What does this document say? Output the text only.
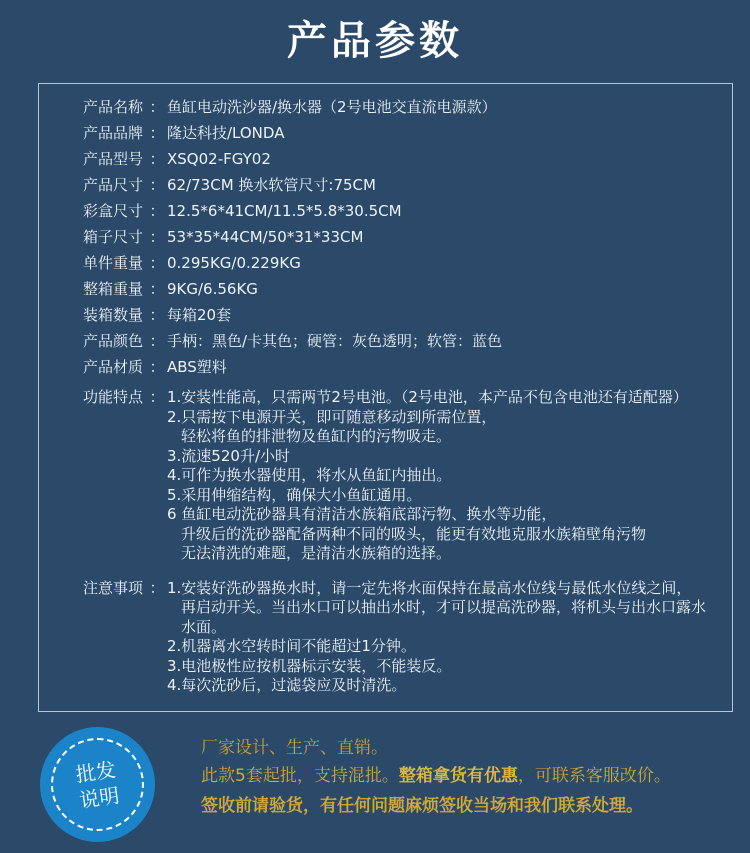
产品参数
产品名称 ： 鱼缸电动洗沙器/换水器（2号电池交直流电源款）
产品品牌 ： 隆达科技/LONDA
产品型号 ： XSQ02-FGY02
产品尺寸 ： 62/73CM 换水软管尺寸:75CM
彩盒尺寸 ： 12.5*6*41CM/11.5*5.8*30.5CM
箱子尺寸 ： 53*35*44CM/50*31*33CM
单件重量 ： 0.295KG/0.229KG
整箱重量 ： 9KG/6.56KG
装箱数量 ： 每箱20套
产品颜色 ： 手柄：黑色/卡其色；硬管：灰色透明；软管：蓝色
产品材质 ： ABS塑料
功能特点 ： 1.安装性能高，只需两节2号电池。（2号电池，本产品不包含电池还有适配器）

2.只需按下电源开关，即可随意移动到所需位置，

轻松将鱼的排泄物及鱼缸内的污物吸走。

3.流速520升/小时

4.可作为换水器使用，将水从鱼缸内抽出。

5.采用伸缩结构，确保大小鱼缸通用。

6 鱼缸电动洗砂器具有清洁水族箱底部污物、换水等功能，

升级后的洗砂器配备两种不同的吸头，能更有效地克服水族箱壁角污物

无法清洗的难题，是清洁水族箱的选择。

注意事项 ： 1.安装好洗砂器换水时，请一定先将水面保持在最高水位线与最低水位线之间，

再启动开关。当出水口可以抽出水时，才可以提高洗砂器，将机头与出水口露水

水面。

2.机器离水空转时间不能超过1分钟。

3.电池极性应按机器标示安装，不能装反。

4.每次洗砂后，过滤袋应及时清洗。

批发
说明

厂家设计、生产、直销。

此款5套起批，支持混批。整箱拿货有优惠，可联系客服改价。

签收前请验货，有任何问题麻烦签收当场和我们联系处理。
